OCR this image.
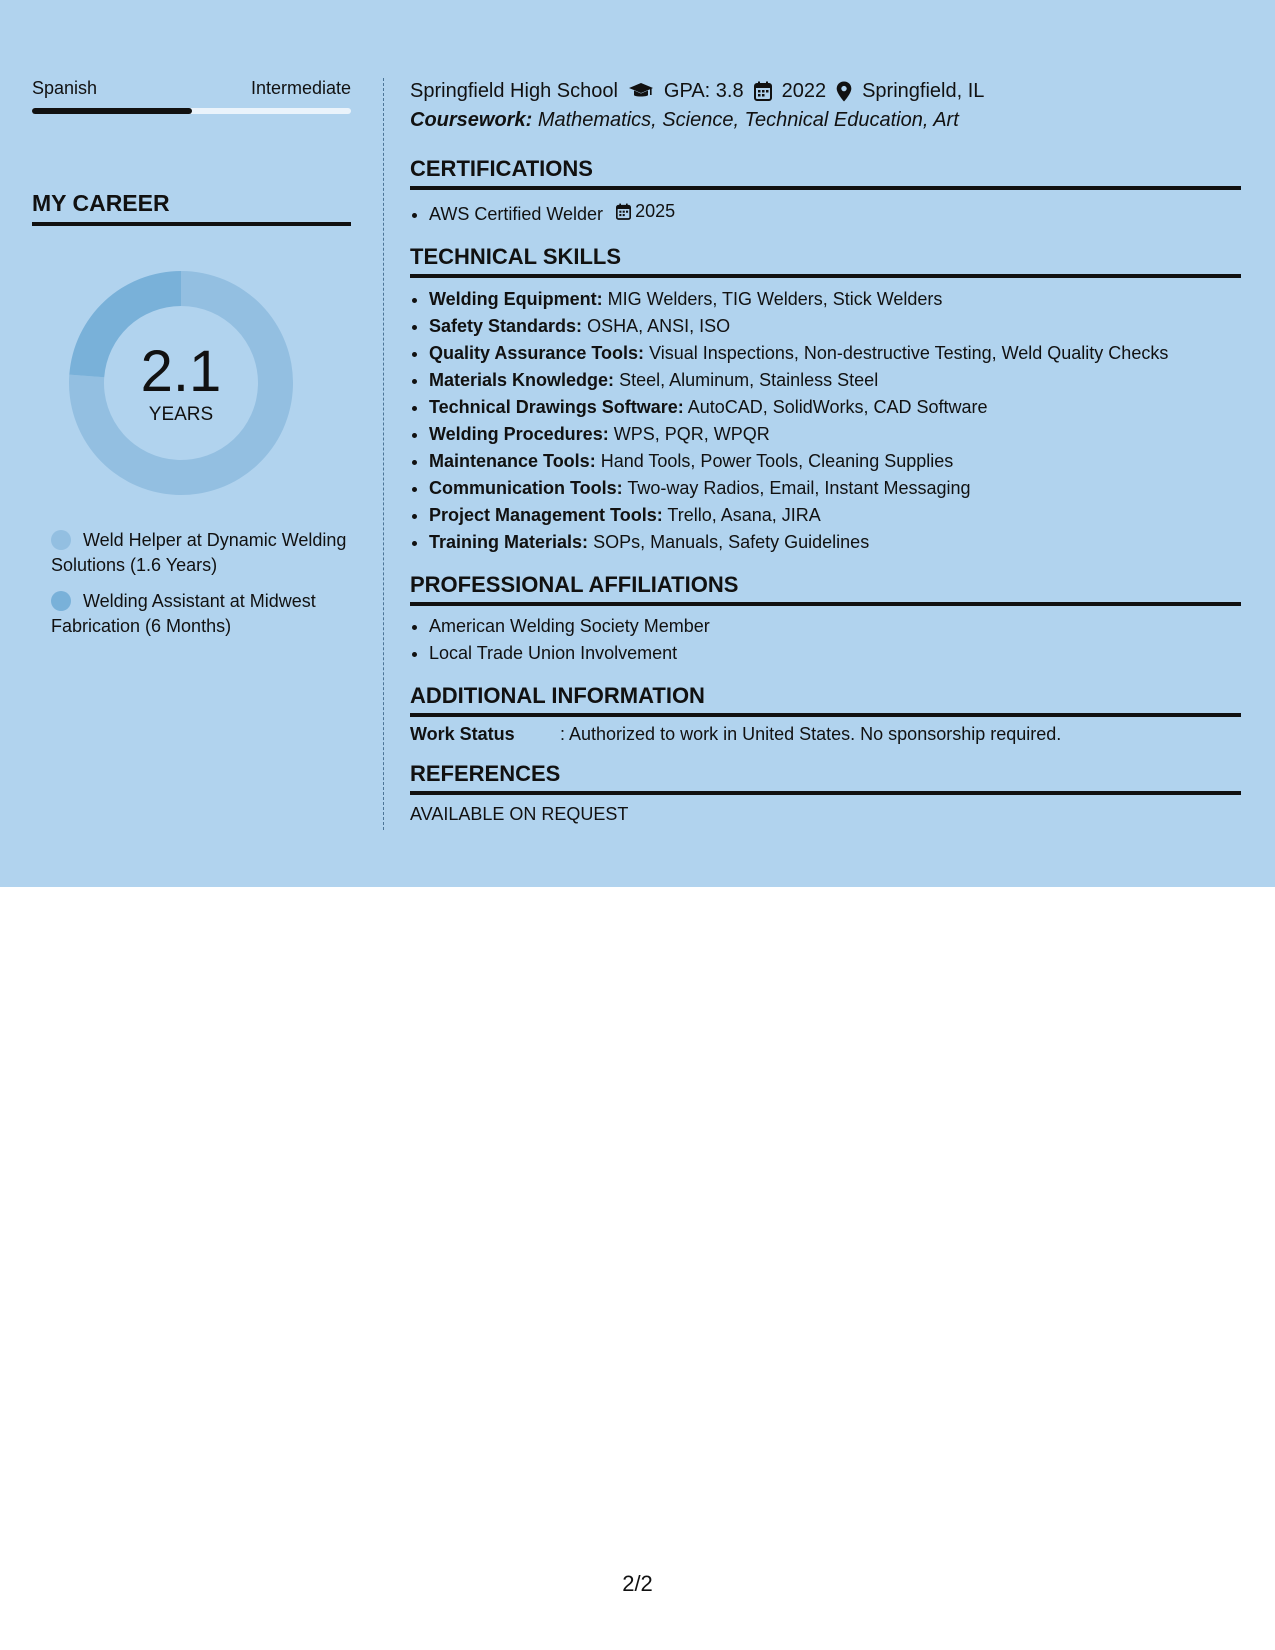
Spanish	Intermediate
MY CAREER
2.1
YEARS
Weld Helper at Dynamic Welding Solutions (1.6 Years)
Welding Assistant at Midwest Fabrication (6 Months)
Springfield High School GPA: 3.8 2022 Springfield, IL
Coursework: Mathematics, Science, Technical Education, Art
CERTIFICATIONS
• AWS Certified Welder 2025
TECHNICAL SKILLS
• Welding Equipment: MIG Welders, TIG Welders, Stick Welders
• Safety Standards: OSHA, ANSI, ISO
• Quality Assurance Tools: Visual Inspections, Non-destructive Testing, Weld Quality Checks
• Materials Knowledge: Steel, Aluminum, Stainless Steel
• Technical Drawings Software: AutoCAD, SolidWorks, CAD Software
• Welding Procedures: WPS, PQR, WPQR
• Maintenance Tools: Hand Tools, Power Tools, Cleaning Supplies
• Communication Tools: Two-way Radios, Email, Instant Messaging
• Project Management Tools: Trello, Asana, JIRA
• Training Materials: SOPs, Manuals, Safety Guidelines
PROFESSIONAL AFFILIATIONS
• American Welding Society Member
• Local Trade Union Involvement
ADDITIONAL INFORMATION
Work Status	: Authorized to work in United States. No sponsorship required.
REFERENCES
AVAILABLE ON REQUEST
2/2
